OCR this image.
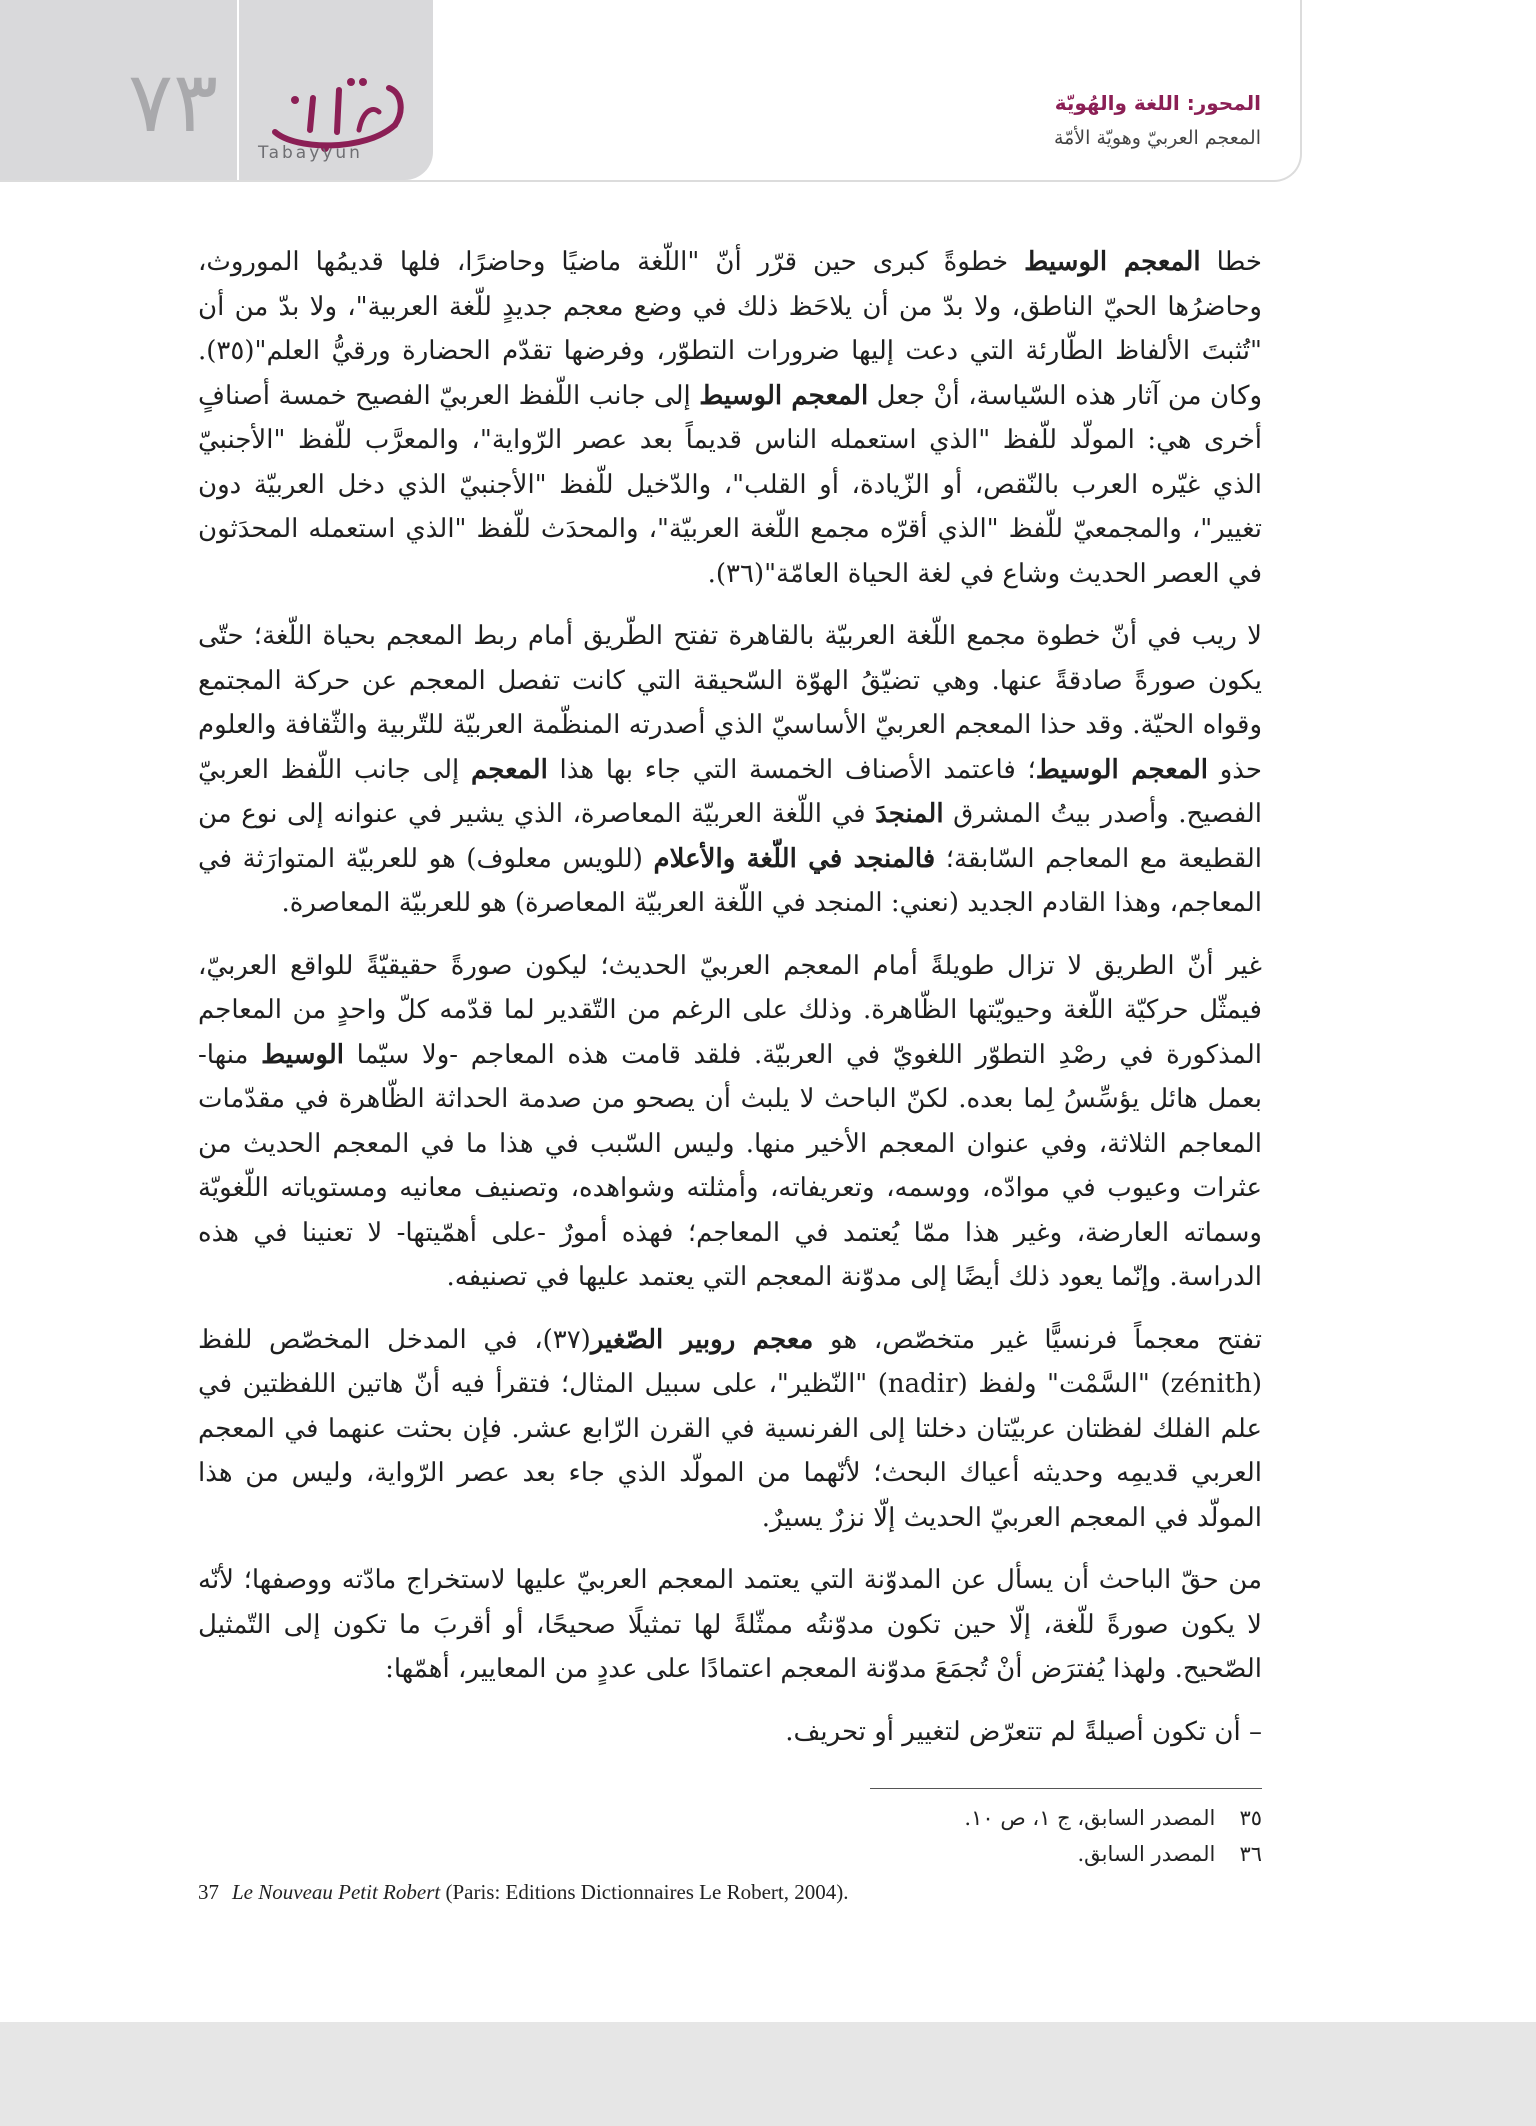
٧٣
Tabayyun
المحور: اللغة والهُويّة
المعجم العربيّ وهويّة الأمّة

خطا المعجم الوسيط خطوةً كبرى حين قرّر أنّ "اللّغة ماضيًا وحاضرًا، فلها قديمُها الموروث، وحاضرُها الحيّ الناطق، ولا بدّ من أن يلاحَظ ذلك في وضع معجم جديدٍ للّغة العربية"، ولا بدّ من أن "تُثبتَ الألفاظ الطّارئة التي دعت إليها ضرورات التطوّر، وفرضها تقدّم الحضارة ورقيُّ العلم"(٣٥). وكان من آثار هذه السّياسة، أنْ جعل المعجم الوسيط إلى جانب اللّفظ العربيّ الفصيح خمسة أصنافٍ أخرى هي: المولّد للّفظ "الذي استعمله الناس قديماً بعد عصر الرّواية"، والمعرَّب للّفظ "الأجنبيّ الذي غيّره العرب بالنّقص، أو الزّيادة، أو القلب"، والدّخيل للّفظ "الأجنبيّ الذي دخل العربيّة دون تغيير"، والمجمعيّ للّفظ "الذي أقرّه مجمع اللّغة العربيّة"، والمحدَث للّفظ "الذي استعمله المحدَثون في العصر الحديث وشاع في لغة الحياة العامّة"(٣٦).

لا ريب في أنّ خطوة مجمع اللّغة العربيّة بالقاهرة تفتح الطّريق أمام ربط المعجم بحياة اللّغة؛ حتّى يكون صورةً صادقةً عنها. وهي تضيّقُ الهوّة السّحيقة التي كانت تفصل المعجم عن حركة المجتمع وقواه الحيّة. وقد حذا المعجم العربيّ الأساسيّ الذي أصدرته المنظّمة العربيّة للتّربية والثّقافة والعلوم حذو المعجم الوسيط؛ فاعتمد الأصناف الخمسة التي جاء بها هذا المعجم إلى جانب اللّفظ العربيّ الفصيح. وأصدر بيتُ المشرق المنجدَ في اللّغة العربيّة المعاصرة، الذي يشير في عنوانه إلى نوع من القطيعة مع المعاجم السّابقة؛ فالمنجد في اللّغة والأعلام (للويس معلوف) هو للعربيّة المتوارَثة في المعاجم، وهذا القادم الجديد (نعني: المنجد في اللّغة العربيّة المعاصرة) هو للعربيّة المعاصرة.

غير أنّ الطريق لا تزال طويلةً أمام المعجم العربيّ الحديث؛ ليكون صورةً حقيقيّةً للواقع العربيّ، فيمثّل حركيّة اللّغة وحيويّتها الظّاهرة. وذلك على الرغم من التّقدير لما قدّمه كلّ واحدٍ من المعاجم المذكورة في رصْدِ التطوّر اللغويّ في العربيّة. فلقد قامت هذه المعاجم -ولا سيّما الوسيط منها- بعمل هائل يؤسِّسُ لِما بعده. لكنّ الباحث لا يلبث أن يصحو من صدمة الحداثة الظّاهرة في مقدّمات المعاجم الثلاثة، وفي عنوان المعجم الأخير منها. وليس السّبب في هذا ما في المعجم الحديث من عثرات وعيوب في موادّه، ووسمه، وتعريفاته، وأمثلته وشواهده، وتصنيف معانيه ومستوياته اللّغويّة وسماته العارضة، وغير هذا ممّا يُعتمد في المعاجم؛ فهذه أمورٌ -على أهمّيتها- لا تعنينا في هذه الدراسة. وإنّما يعود ذلك أيضًا إلى مدوّنة المعجم التي يعتمد عليها في تصنيفه.

تفتح معجماً فرنسيًّا غير متخصّص، هو معجم روبير الصّغير(٣٧)، في المدخل المخصّص للفظ (zénith) "السَّمْت" ولفظ (nadir) "النّظير"، على سبيل المثال؛ فتقرأ فيه أنّ هاتين اللفظتين في علم الفلك لفظتان عربيّتان دخلتا إلى الفرنسية في القرن الرّابع عشر. فإن بحثت عنهما في المعجم العربي قديمِه وحديثه أعياك البحث؛ لأنّهما من المولّد الذي جاء بعد عصر الرّواية، وليس من هذا المولّد في المعجم العربيّ الحديث إلّا نزرٌ يسيرٌ.

من حقّ الباحث أن يسأل عن المدوّنة التي يعتمد المعجم العربيّ عليها لاستخراج مادّته ووصفها؛ لأنّه لا يكون صورةً للّغة، إلّا حين تكون مدوّنتُه ممثّلةً لها تمثيلًا صحيحًا، أو أقربَ ما تكون إلى التّمثيل الصّحيح. ولهذا يُفترَض أنْ تُجمَعَ مدوّنة المعجم اعتمادًا على عددٍ من المعايير، أهمّها:

– أن تكون أصيلةً لم تتعرّض لتغيير أو تحريف.

٣٥ المصدر السابق، ج ١، ص ١٠.
٣٦ المصدر السابق.
37 Le Nouveau Petit Robert (Paris: Editions Dictionnaires Le Robert, 2004).
